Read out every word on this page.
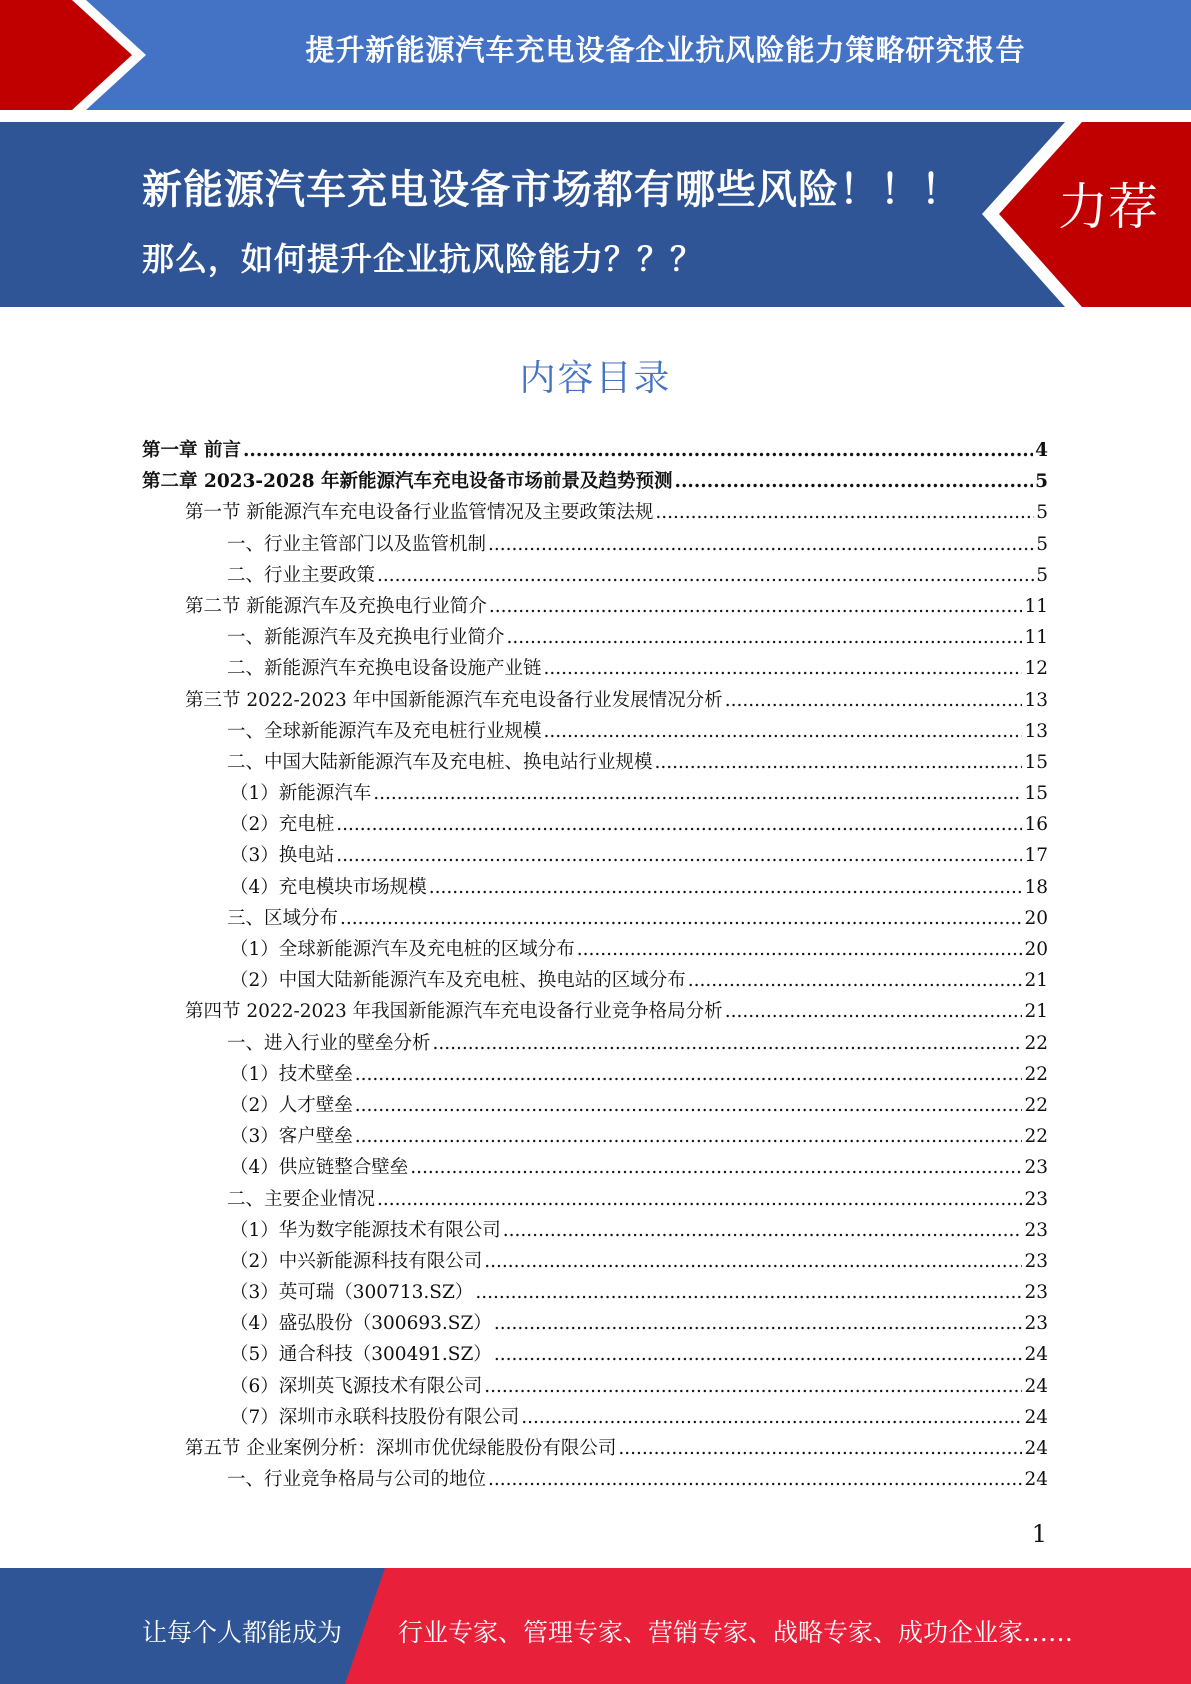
提升新能源汽车充电设备企业抗风险能力策略研究报告
新能源汽车充电设备市场都有哪些风险！！！
那么，如何提升企业抗风险能力？？？
力荐
内容目录
第一章 前言 .....	4
第二章 2023-2028 年新能源汽车充电设备市场前景及趋势预测 .....	5
第一节 新能源汽车充电设备行业监管情况及主要政策法规 .....	5
一、行业主管部门以及监管机制 .....	5
二、行业主要政策 .....	5
第二节 新能源汽车及充换电行业简介 .....	11
一、新能源汽车及充换电行业简介 .....	11
二、新能源汽车充换电设备设施产业链 .....	12
第三节 2022-2023 年中国新能源汽车充电设备行业发展情况分析 .....	13
一、全球新能源汽车及充电桩行业规模 .....	13
二、中国大陆新能源汽车及充电桩、换电站行业规模 .....	15
（1）新能源汽车 .....	15
（2）充电桩 .....	16
（3）换电站 .....	17
（4）充电模块市场规模 .....	18
三、区域分布 .....	20
（1）全球新能源汽车及充电桩的区域分布 .....	20
（2）中国大陆新能源汽车及充电桩、换电站的区域分布 .....	21
第四节 2022-2023 年我国新能源汽车充电设备行业竞争格局分析 .....	21
一、进入行业的壁垒分析 .....	22
（1）技术壁垒 .....	22
（2）人才壁垒 .....	22
（3）客户壁垒 .....	22
（4）供应链整合壁垒 .....	23
二、主要企业情况 .....	23
（1）华为数字能源技术有限公司 .....	23
（2）中兴新能源科技有限公司 .....	23
（3）英可瑞（300713.SZ） .....	23
（4）盛弘股份（300693.SZ） .....	23
（5）通合科技（300491.SZ） .....	24
（6）深圳英飞源技术有限公司 .....	24
（7）深圳市永联科技股份有限公司 .....	24
第五节 企业案例分析：深圳市优优绿能股份有限公司 .....	24
一、行业竞争格局与公司的地位 .....	24
1
让每个人都能成为 行业专家、管理专家、营销专家、战略专家、成功企业家……
